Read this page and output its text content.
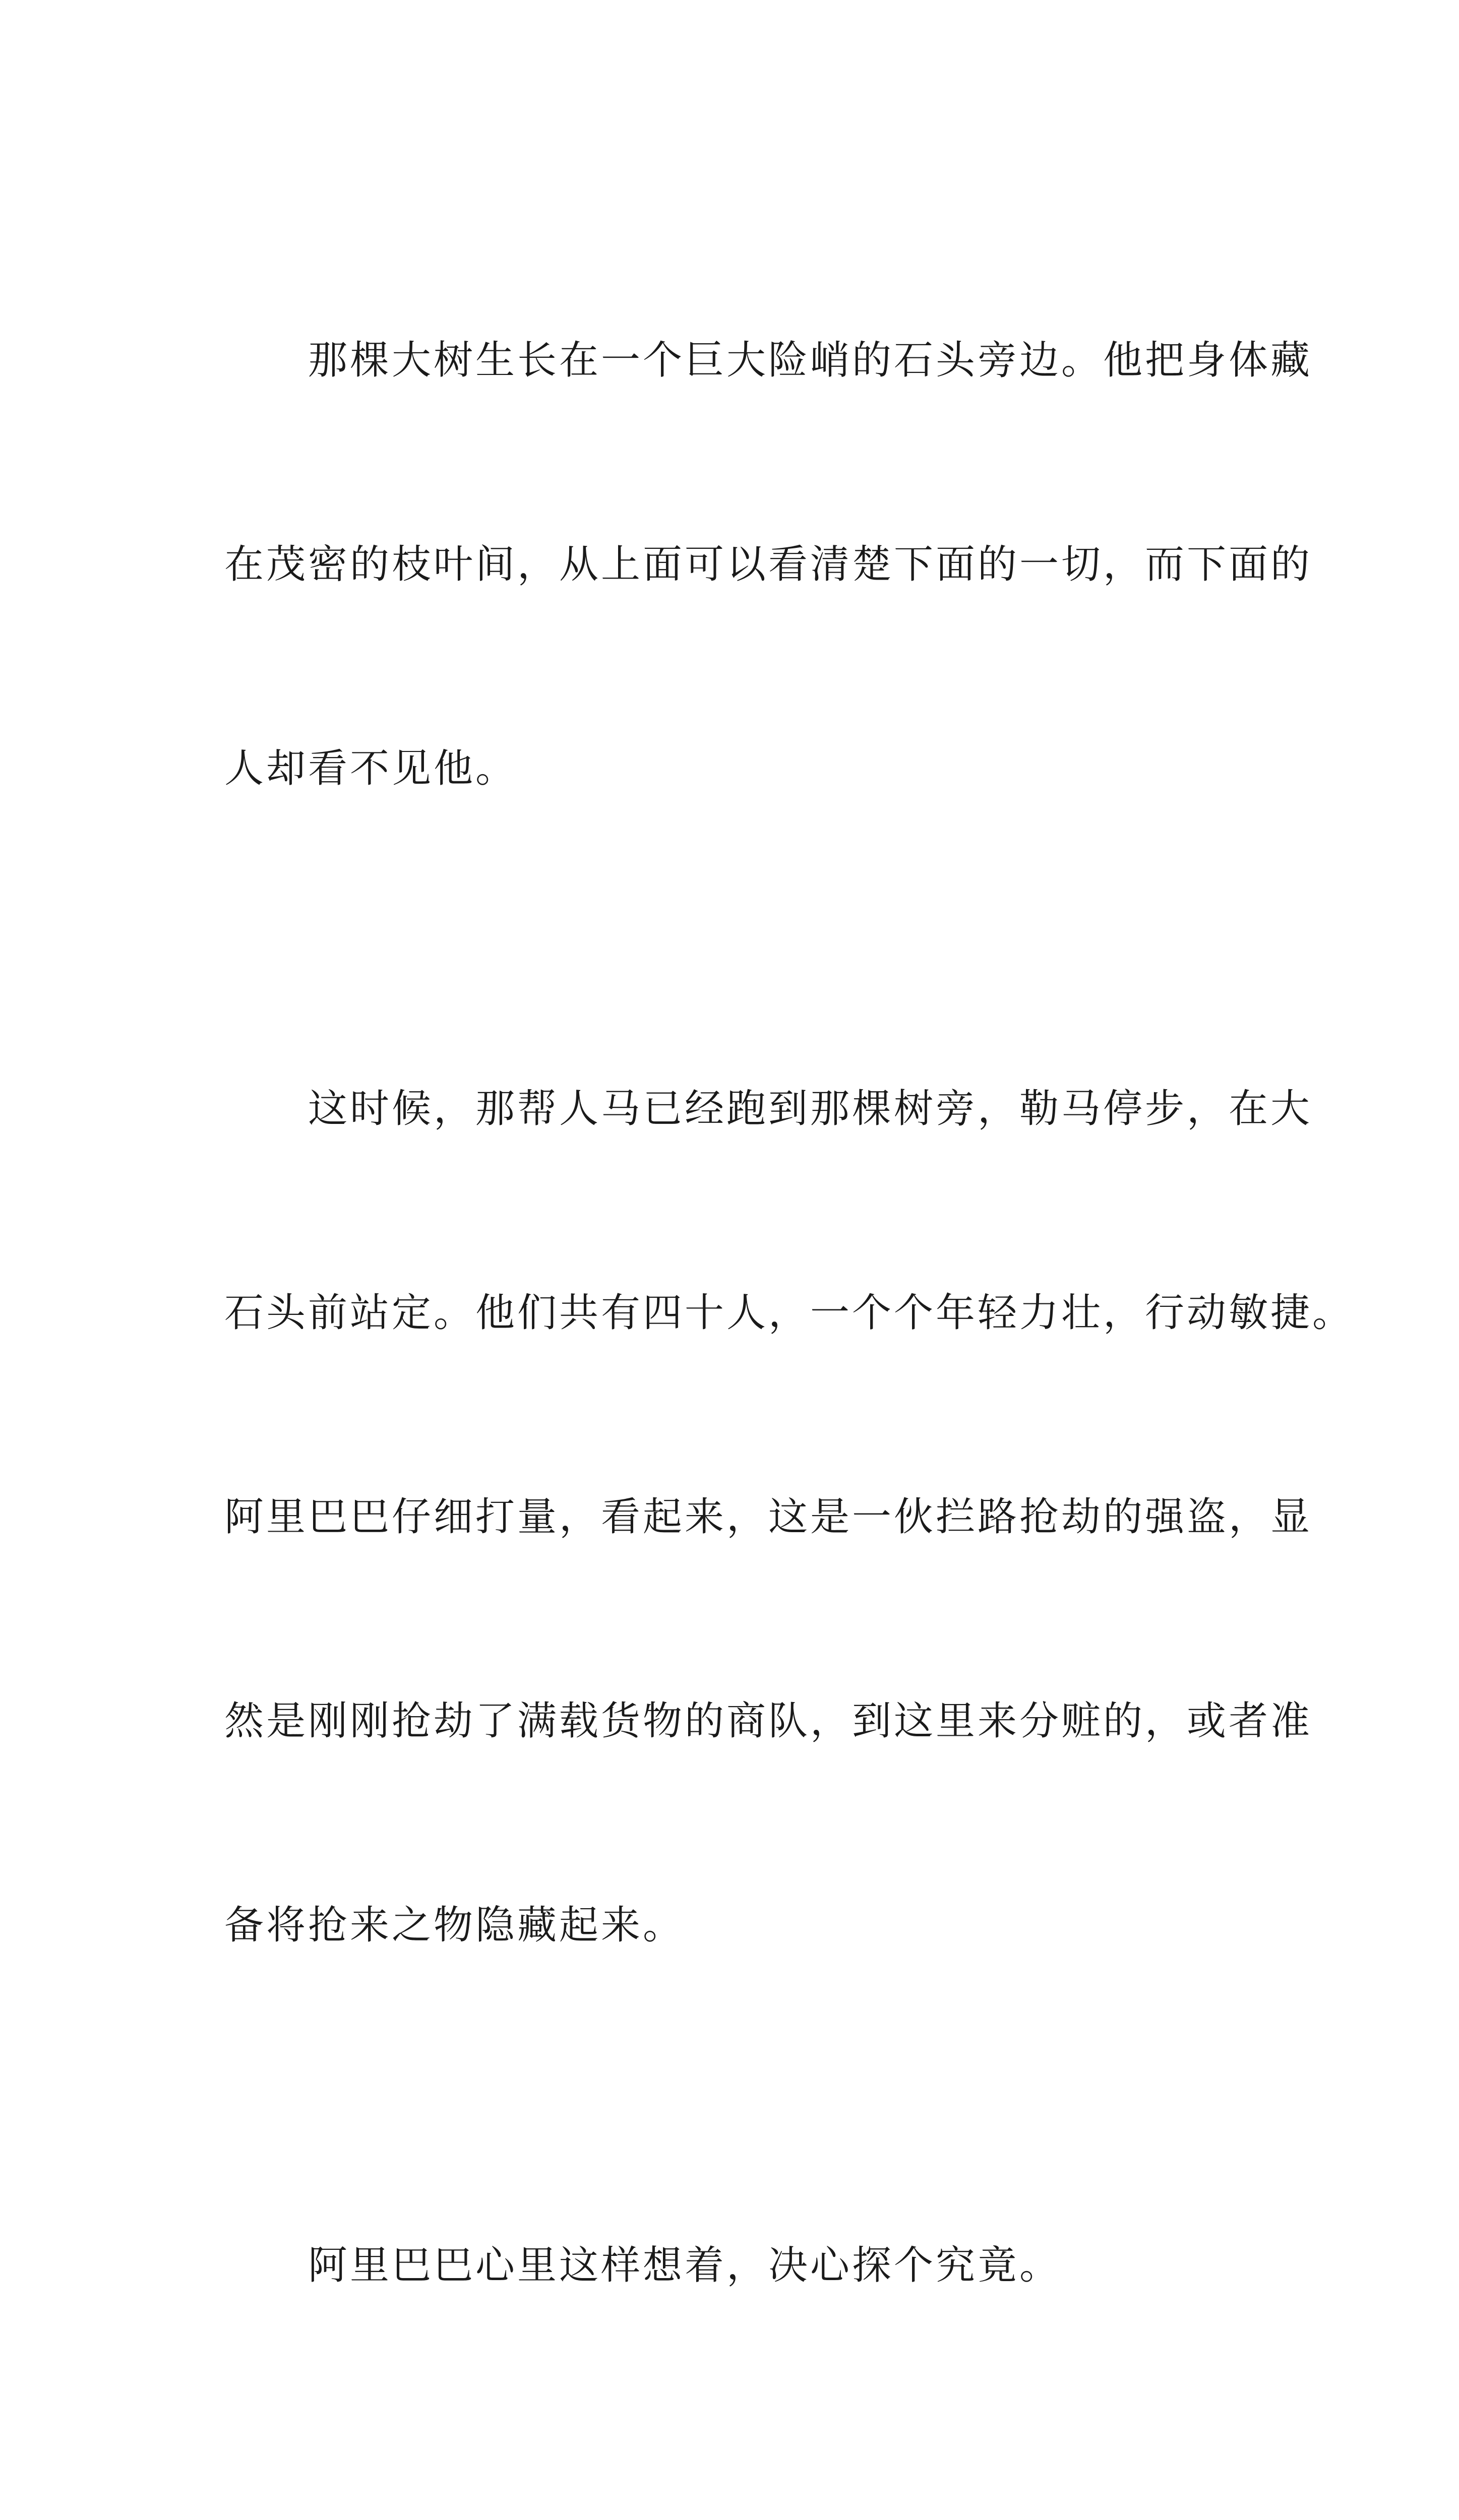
　　那棵大树生长在一个巨大险峭的石头旁边。他把身体藏

在茂密的枝叶间，从上面可以看清楚下面的一切，而下面的

人却看不见他。

　　这时候，那帮人马已经跑到那棵树旁，勒马停步，在大

石头前站定。他们共有四十人，一个个年轻力壮，行动敏捷。

阿里巴巴仔细打量，看起来，这是一伙拦路抢劫的强盗，显

然是刚刚抢劫了满载货物的商队，到这里来分赃的，或者准

备将抢来之物隐藏起来。

　　阿里巴巴心里这样想着，决心探个究竟。
